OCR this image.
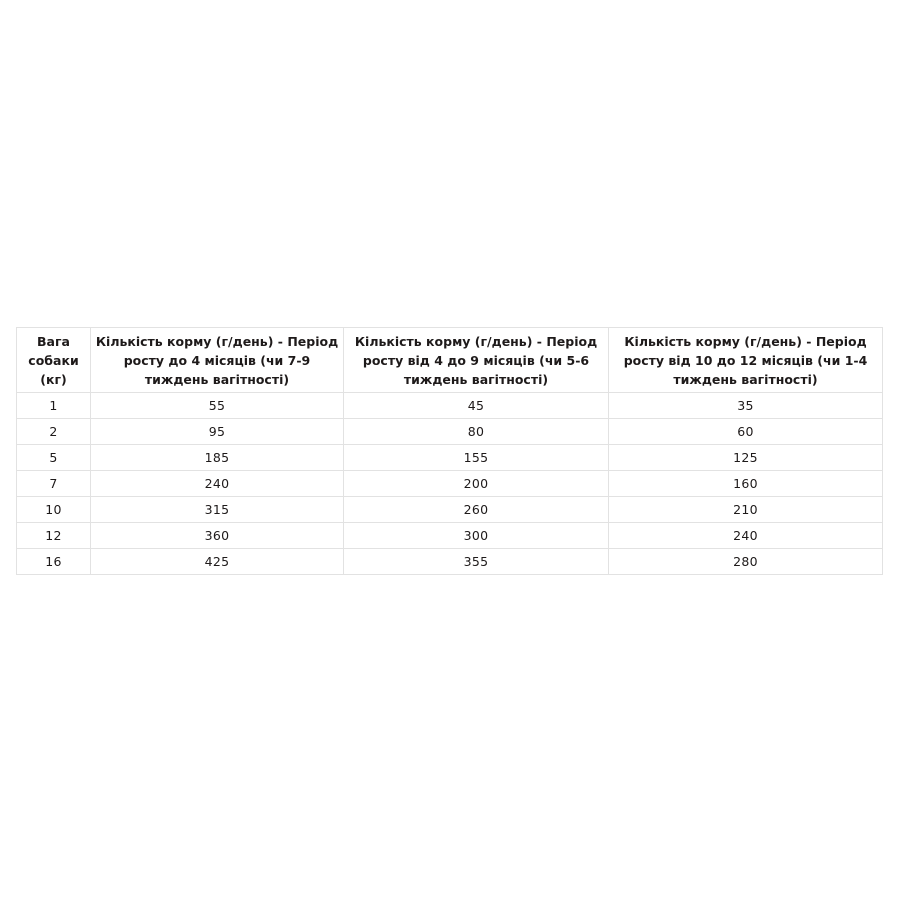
Вага собаки (кг)	Кількість корму (г/день) - Період росту до 4 місяців (чи 7-9 тиждень вагітності)	Кількість корму (г/день) - Період росту від 4 до 9 місяців (чи 5-6 тиждень вагітності)	Кількість корму (г/день) - Період росту від 10 до 12 місяців (чи 1-4 тиждень вагітності)
1	55	45	35
2	95	80	60
5	185	155	125
7	240	200	160
10	315	260	210
12	360	300	240
16	425	355	280
